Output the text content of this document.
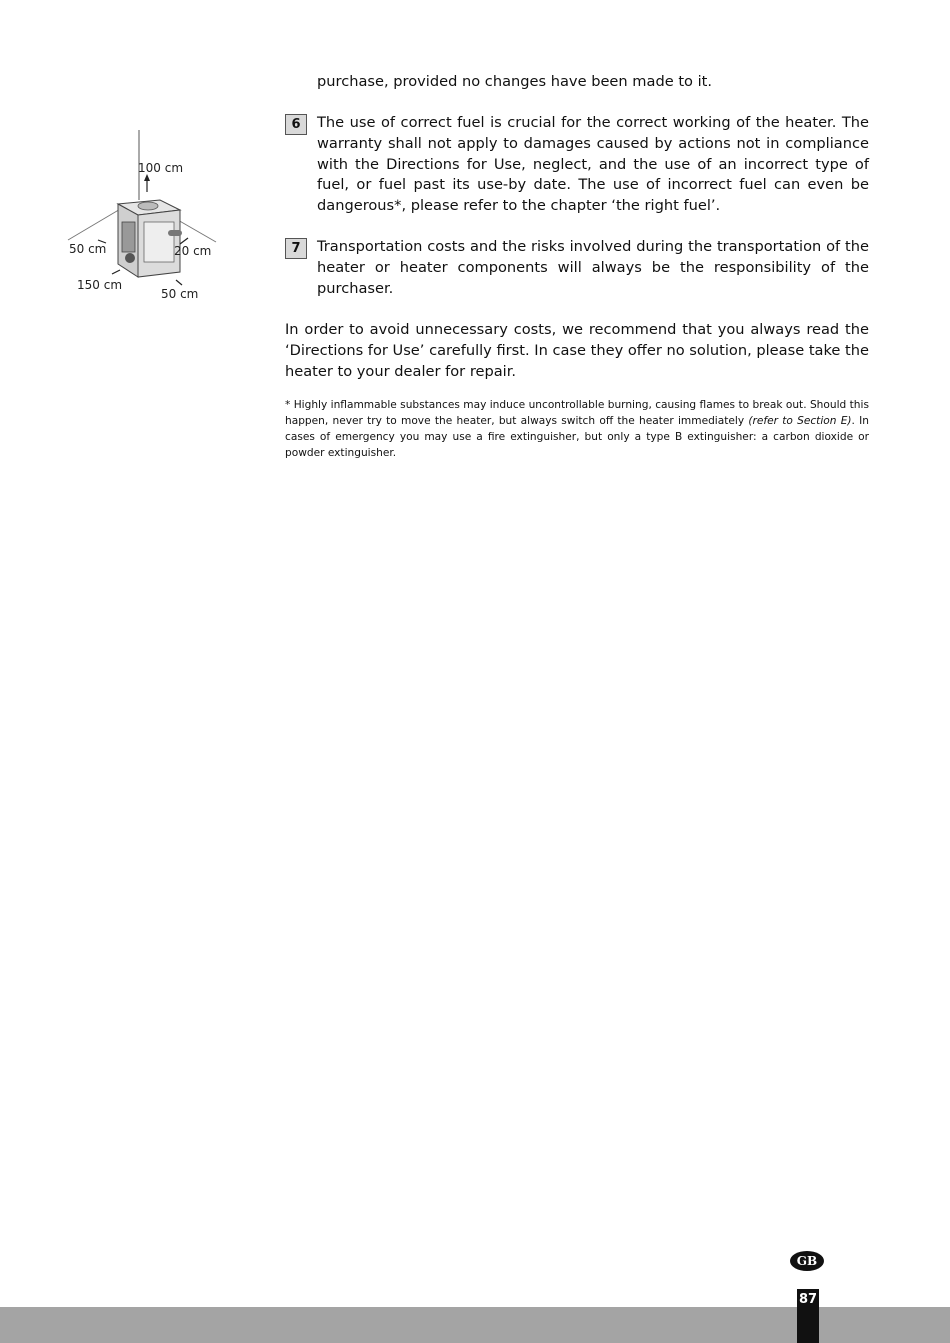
purchase, provided no changes have been made to it.

100 cm
50 cm	20 cm
150 cm
50 cm
6	The use of correct fuel is crucial for the correct working of the heater. The warranty shall not apply to damages caused by actions not in compliance with the Directions for Use, neglect, and the use of an incorrect type of fuel, or fuel past its use-by date. The use of incorrect fuel can even be dangerous*, please refer to the chapter ‘the right fuel’.

7	Transportation costs and the risks involved during the transportation of the heater or heater components will always be the responsibility of the purchaser.

In order to avoid unnecessary costs, we recommend that you always read the ‘Directions for Use’ carefully first. In case they offer no solution, please take the heater to your dealer for repair.

* Highly inflammable substances may induce uncontrollable burning, causing flames to break out. Should this happen, never try to move the heater, but always switch off the heater immediately (refer to Section E). In cases of emergency you may use a fire extinguisher, but only a type B extinguisher: a carbon dioxide or powder extinguisher.

GB
87
